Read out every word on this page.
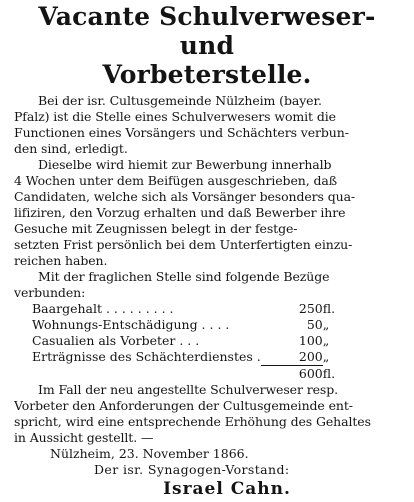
Vacante Schulverweser- und
Vorbeterstelle.

Bei der isr. Cultusgemeinde Nülzheim (bayer.
Pfalz) ist die Stelle eines Schulverwesers womit die
Functionen eines Vorsängers und Schächters verbun-
den sind, erledigt.

Dieselbe wird hiemit zur Bewerbung innerhalb
4 Wochen unter dem Beifügen ausgeschrieben, daß
Candidaten, welche sich als Vorsänger besonders qua-
lifiziren, den Vorzug erhalten und daß Bewerber ihre
Gesuche mit Zeugnissen belegt in der festge-
setzten Frist persönlich bei dem Unterfertigten einzu-
reichen haben.

Mit der fraglichen Stelle sind folgende Bezüge
verbunden:

Baargehalt . . . . . . . . .	250	fl.
Wohnungs-Entschädigung . . . .	50	„
Casualien als Vorbeter . . .	100	„
Erträgnisse des Schächterdienstes .	200	„
	600	fl.

Im Fall der neu angestellte Schulverweser resp.
Vorbeter den Anforderungen der Cultusgemeinde ent-
spricht, wird eine entsprechende Erhöhung des Gehaltes
in Aussicht gestellt. —

Nülzheim, 23. November 1866.
Der isr. Synagogen-Vorstand:
Israel Cahn.
